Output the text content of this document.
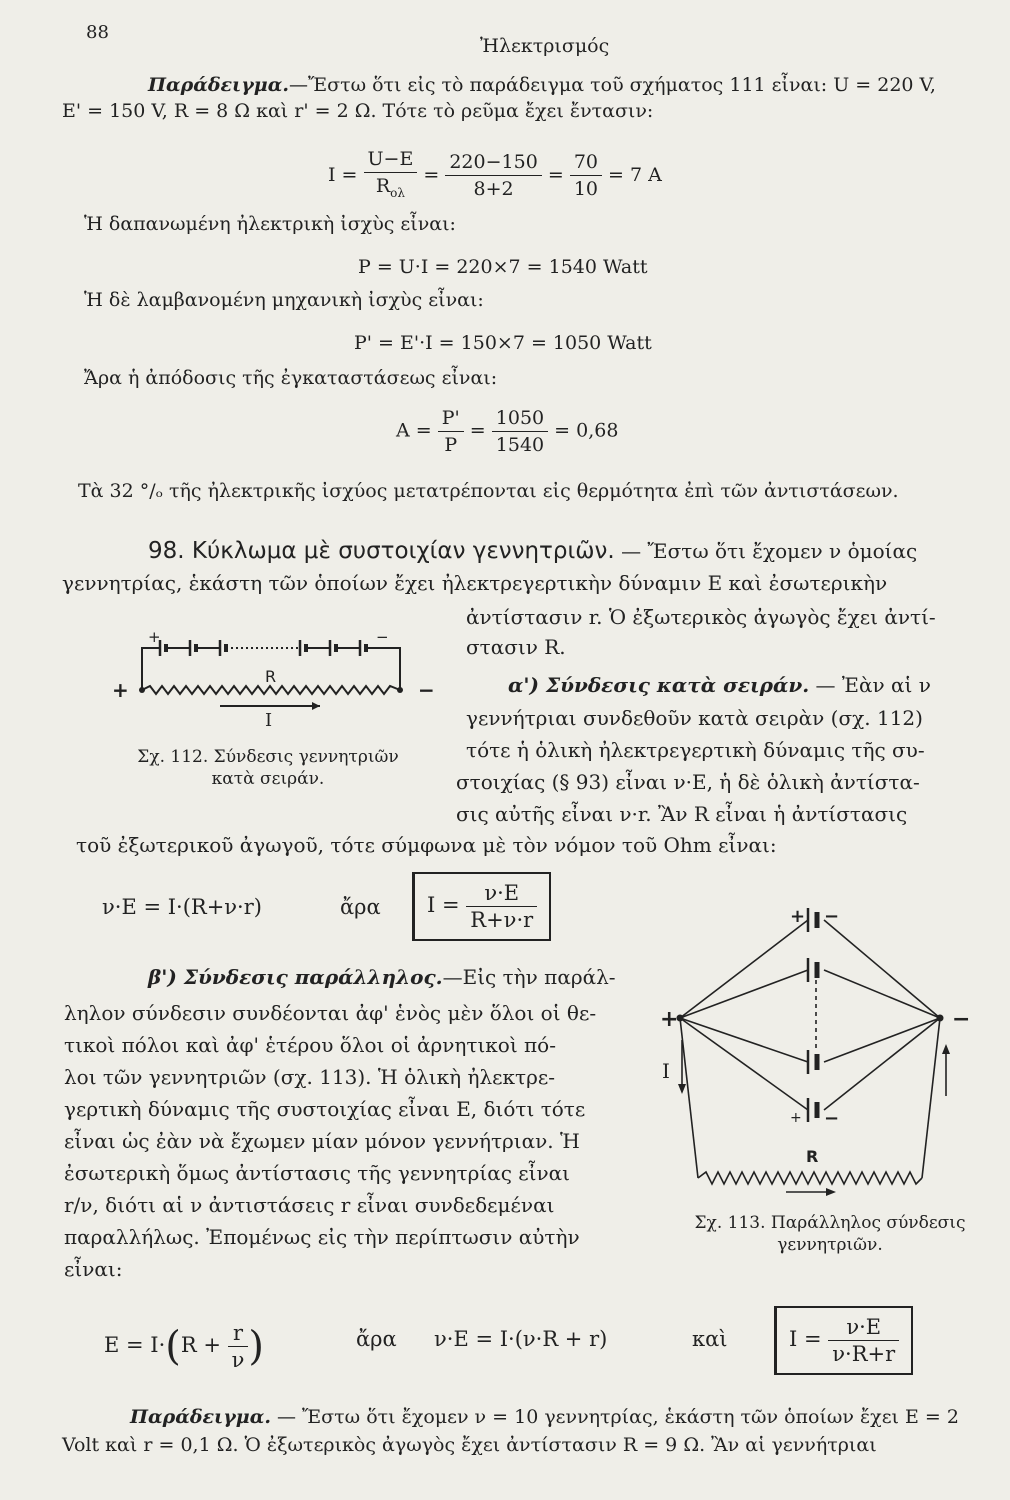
88
Ἠλεκτρισμός
Παράδειγμα.—Ἔστω ὅτι εἰς τὸ παράδειγμα τοῦ σχήματος 111 εἶναι: U = 220 V,
E' = 150 V, R = 8 Ω καὶ r' = 2 Ω. Τότε τὸ ρεῦμα ἔχει ἔντασιν:
$I = \frac{U-E}{R_{o\lambda}} = \frac{220-150}{8+2} = \frac{70}{10} = 7$ A
Ἡ δαπανωμένη ἠλεκτρικὴ ἰσχὺς εἶναι:
P = U·I = 220×7 = 1540 Watt
Ἡ δὲ λαμβανομένη μηχανικὴ ἰσχὺς εἶναι:
P' = E'·I = 150×7 = 1050 Watt
Ἄρα ἡ ἀπόδοσις τῆς ἐγκαταστάσεως εἶναι:
$A = \frac{P'}{P} = \frac{1050}{1540} = 0,68$
Τὰ 32 °/ₒ τῆς ἠλεκτρικῆς ἰσχύος μετατρέπονται εἰς θερμότητα ἐπὶ τῶν ἀντιστάσεων.
98. Κύκλωμα μὲ συστοιχίαν γεννητριῶν. — Ἔστω ὅτι ἔχομεν ν ὁμοίας
γεννητρίας, ἑκάστη τῶν ὁποίων ἔχει ἠλεκτρεγερτικὴν δύναμιν E καὶ ἐσωτερικὴν
ἀντίστασιν r. Ὁ ἐξωτερικὸς ἀγωγὸς ἔχει ἀντί-
στασιν R.
+	−
+	−
R
I
Σχ. 112. Σύνδεσις γεννητριῶν
κατὰ σειράν.
α') Σύνδεσις κατὰ σειράν. — Ἐὰν αἱ ν
γεννήτριαι συνδεθοῦν κατὰ σειρὰν (σχ. 112)
τότε ἡ ὁλικὴ ἠλεκτρεγερτικὴ δύναμις τῆς συ-
στοιχίας (§ 93) εἶναι ν·E, ἡ δὲ ὁλικὴ ἀντίστα-
σις αὐτῆς εἶναι ν·r. Ἂν R εἶναι ἡ ἀντίστασις
τοῦ ἐξωτερικοῦ ἀγωγοῦ, τότε σύμφωνα μὲ τὸν νόμον τοῦ Ohm εἶναι:
ν·E = I·(R+ν·r)	ἄρα	$I = \frac{\nu\cdot E}{R+\nu\cdot r}$
β') Σύνδεσις παράλληλος.—Εἰς τὴν παράλ-
ληλον σύνδεσιν συνδέονται ἀφ' ἑνὸς μὲν ὅλοι οἱ θε-
τικοὶ πόλοι καὶ ἀφ' ἑτέρου ὅλοι οἱ ἀρνητικοὶ πό-
λοι τῶν γεννητριῶν (σχ. 113). Ἡ ὁλικὴ ἠλεκτρε-
γερτικὴ δύναμις τῆς συστοιχίας εἶναι E, διότι τότε
εἶναι ὡς ἐὰν νὰ ἔχωμεν μίαν μόνον γεννήτριαν. Ἡ
ἐσωτερικὴ ὅμως ἀντίστασις τῆς γεννητρίας εἶναι
r/ν, διότι αἱ ν ἀντιστάσεις r εἶναι συνδεδεμέναι
παραλλήλως. Ἐπομένως εἰς τὴν περίπτωσιν αὐτὴν
εἶναι:
+ −
+ −
+	−
I
R
Σχ. 113. Παράλληλος σύνδεσις
γεννητριῶν.
$E = I\cdot(R + \frac{r}{\nu}$ )	ἄρα ν·E = I·(ν·R + r)	καὶ	$I = \frac{\nu\cdot E}{\nu\cdot R+r}$
Παράδειγμα. — Ἔστω ὅτι ἔχομεν ν = 10 γεννητρίας, ἑκάστη τῶν ὁποίων ἔχει E = 2
Volt καὶ r = 0,1 Ω. Ὁ ἐξωτερικὸς ἀγωγὸς ἔχει ἀντίστασιν R = 9 Ω. Ἂν αἱ γεννήτριαι
